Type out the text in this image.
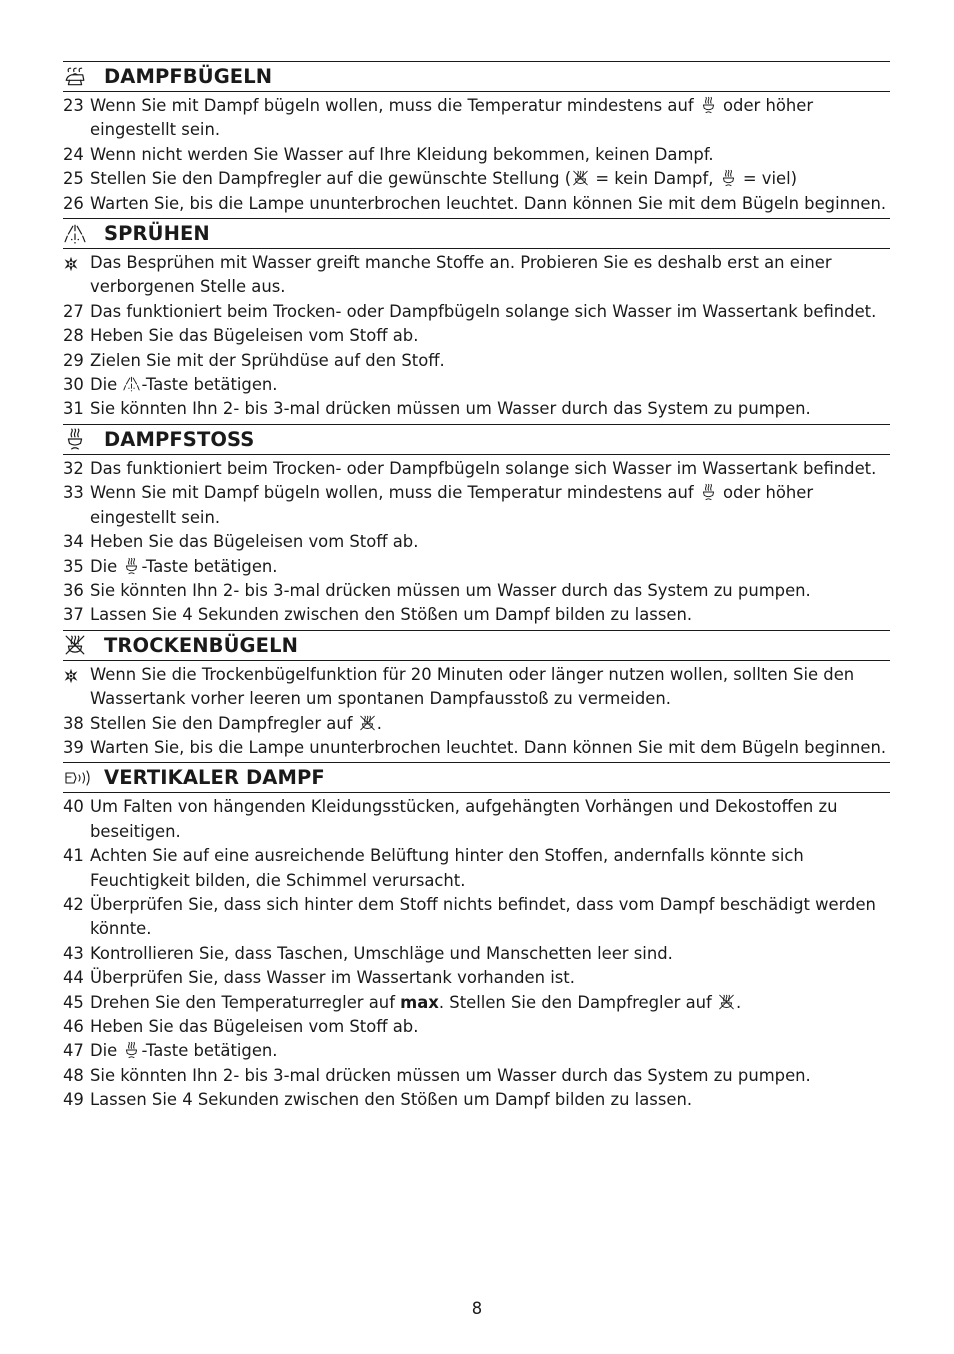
DAMPFBÜGELN
23 Wenn Sie mit Dampf bügeln wollen, muss die Temperatur mindestens auf  oder höher eingestellt sein.
24 Wenn nicht werden Sie Wasser auf Ihre Kleidung bekommen, keinen Dampf.
25 Stellen Sie den Dampfregler auf die gewünschte Stellung ( = kein Dampf,  = viel)
26 Warten Sie, bis die Lampe ununterbrochen leuchtet. Dann können Sie mit dem Bügeln beginnen.
SPRÜHEN
Das Besprühen mit Wasser greift manche Stoffe an. Probieren Sie es deshalb erst an einer verborgenen Stelle aus.
27 Das funktioniert beim Trocken- oder Dampfbügeln solange sich Wasser im Wassertank befindet.
28 Heben Sie das Bügeleisen vom Stoff ab.
29 Zielen Sie mit der Sprühdüse auf den Stoff.
30 Die -Taste betätigen.
31 Sie könnten Ihn 2- bis 3-mal drücken müssen um Wasser durch das System zu pumpen.
DAMPFSTOSS
32 Das funktioniert beim Trocken- oder Dampfbügeln solange sich Wasser im Wassertank befindet.
33 Wenn Sie mit Dampf bügeln wollen, muss die Temperatur mindestens auf  oder höher eingestellt sein.
34 Heben Sie das Bügeleisen vom Stoff ab.
35 Die -Taste betätigen.
36 Sie könnten Ihn 2- bis 3-mal drücken müssen um Wasser durch das System zu pumpen.
37 Lassen Sie 4 Sekunden zwischen den Stößen um Dampf bilden zu lassen.
TROCKENBÜGELN
Wenn Sie die Trockenbügelfunktion für 20 Minuten oder länger nutzen wollen, sollten Sie den Wassertank vorher leeren um spontanen Dampfausstoß zu vermeiden.
38 Stellen Sie den Dampfregler auf .
39 Warten Sie, bis die Lampe ununterbrochen leuchtet. Dann können Sie mit dem Bügeln beginnen.
VERTIKALER DAMPF
40 Um Falten von hängenden Kleidungsstücken, aufgehängten Vorhängen und Dekostoffen zu beseitigen.
41 Achten Sie auf eine ausreichende Belüftung hinter den Stoffen, andernfalls könnte sich Feuchtigkeit bilden, die Schimmel verursacht.
42 Überprüfen Sie, dass sich hinter dem Stoff nichts befindet, dass vom Dampf beschädigt werden könnte.
43 Kontrollieren Sie, dass Taschen, Umschläge und Manschetten leer sind.
44 Überprüfen Sie, dass Wasser im Wassertank vorhanden ist.
45 Drehen Sie den Temperaturregler auf max. Stellen Sie den Dampfregler auf .
46 Heben Sie das Bügeleisen vom Stoff ab.
47 Die -Taste betätigen.
48 Sie könnten Ihn 2- bis 3-mal drücken müssen um Wasser durch das System zu pumpen.
49 Lassen Sie 4 Sekunden zwischen den Stößen um Dampf bilden zu lassen.
8
